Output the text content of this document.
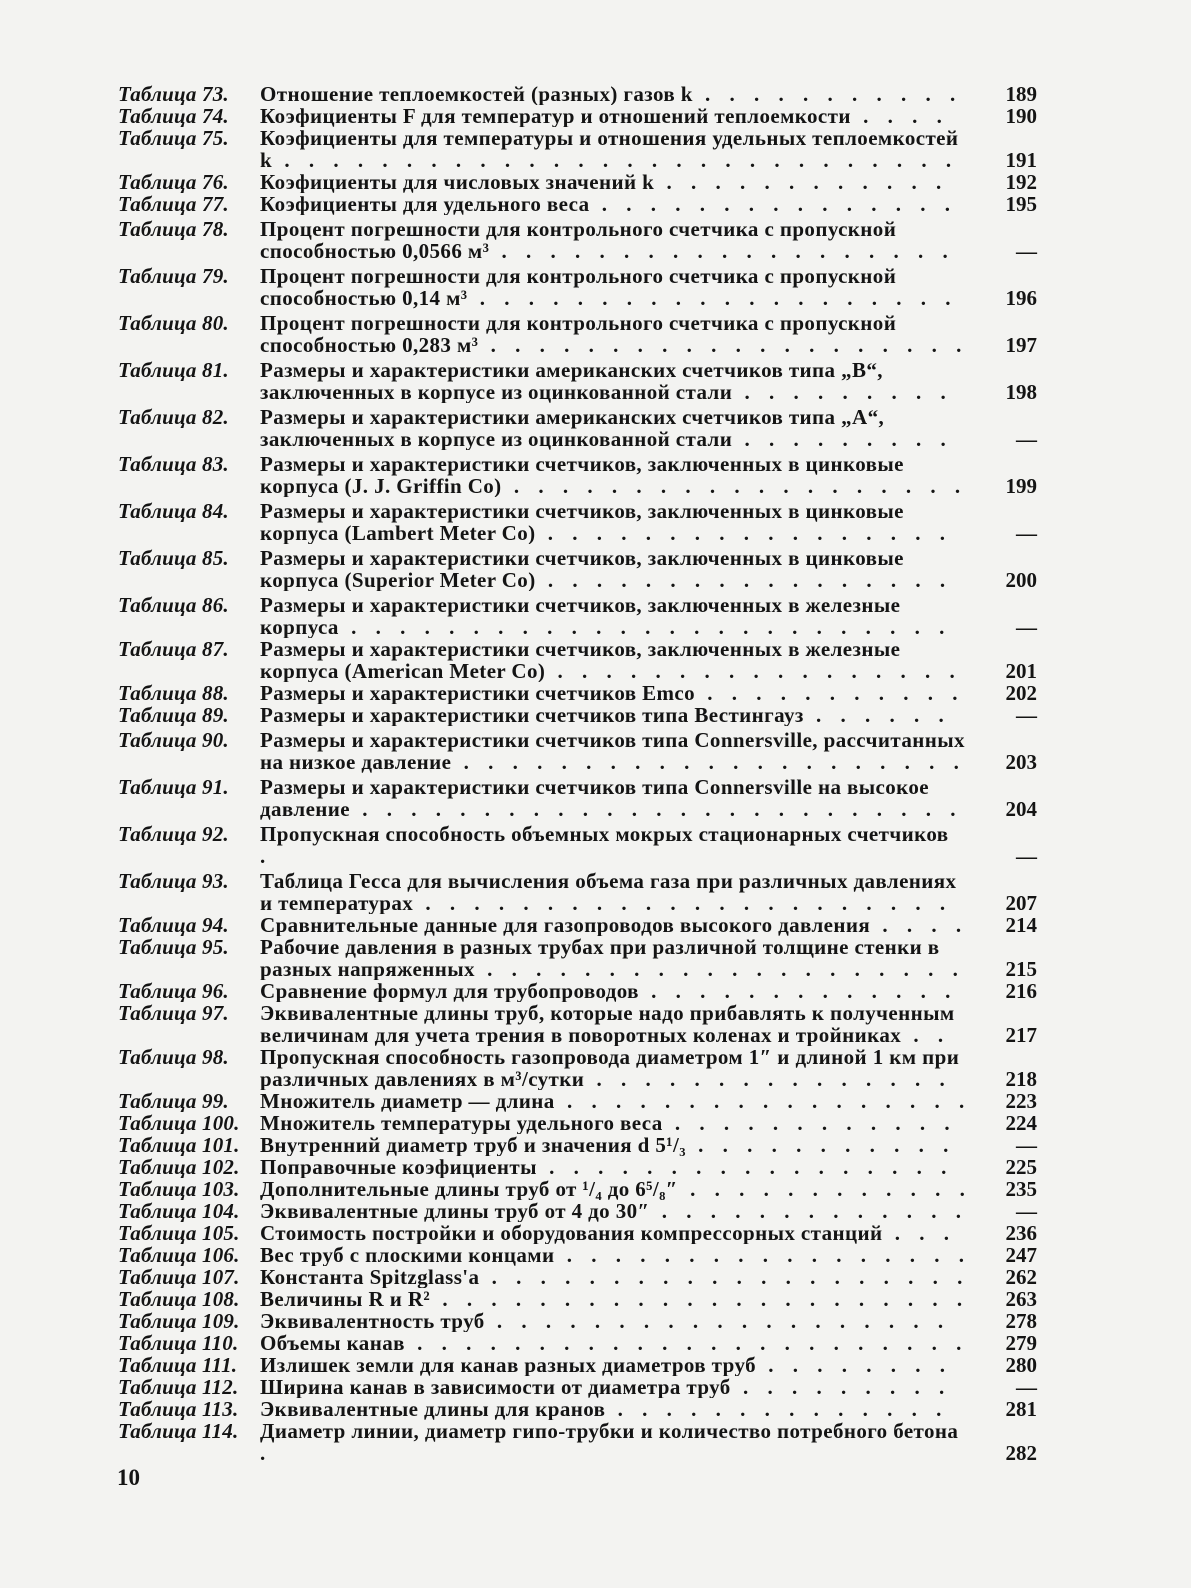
Таблица 73.	Отношение теплоемкостей (разных) газов k . . . . . . . . . . .	189
Таблица 74.	Коэфициенты F для температур и отношений теплоемкости . . . .	190
Таблица 75.	Коэфициенты для температуры и отношения удельных теплоемкостей k . . . . . . . . . . . . . . . . . . . . . . . . . . . .	191
Таблица 76.	Коэфициенты для числовых значений k . . . . . . . . . . . .	192
Таблица 77.	Коэфициенты для удельного веса . . . . . . . . . . . . . . .	195
Таблица 78.	Процент погрешности для контрольного счетчика с пропускной способностью 0,0566 м³ . . . . . . . . . . . . . . . . . . .	—
Таблица 79.	Процент погрешности для контрольного счетчика с пропускной способностью 0,14 м³ . . . . . . . . . . . . . . . . . . . .	196
Таблица 80.	Процент погрешности для контрольного счетчика с пропускной способностью 0,283 м³ . . . . . . . . . . . . . . . . . . . .	197
Таблица 81.	Размеры и характеристики американских счетчиков типа „B“, заключенных в корпусе из оцинкованной стали . . . . . . . . .	198
Таблица 82.	Размеры и характеристики американских счетчиков типа „A“, заключенных в корпусе из оцинкованной стали . . . . . . . . .	—
Таблица 83.	Размеры и характеристики счетчиков, заключенных в цинковые корпуса (J. J. Griffin Co) . . . . . . . . . . . . . . . . . . .	199
Таблица 84.	Размеры и характеристики счетчиков, заключенных в цинковые корпуса (Lambert Meter Co) . . . . . . . . . . . . . . . . .	—
Таблица 85.	Размеры и характеристики счетчиков, заключенных в цинковые корпуса (Superior Meter Co) . . . . . . . . . . . . . . . . .	200
Таблица 86.	Размеры и характеристики счетчиков, заключенных в железные корпуса . . . . . . . . . . . . . . . . . . . . . . . . .	—
Таблица 87.	Размеры и характеристики счетчиков, заключенных в железные корпуса (American Meter Co) . . . . . . . . . . . . . . . . .	201
Таблица 88.	Размеры и характеристики счетчиков Emco . . . . . . . . . . .	202
Таблица 89.	Размеры и характеристики счетчиков типа Вестингауз . . . . . .	—
Таблица 90.	Размеры и характеристики счетчиков типа Connersville, рассчитанных на низкое давление . . . . . . . . . . . . . . . . . . . . .	203
Таблица 91.	Размеры и характеристики счетчиков типа Connersville на высокое давление . . . . . . . . . . . . . . . . . . . . . . . . .	204
Таблица 92.	Пропускная способность объемных мокрых стационарных счетчиков .	—
Таблица 93.	Таблица Гесса для вычисления объема газа при различных давлениях и температурах . . . . . . . . . . . . . . . . . . . . . .	207
Таблица 94.	Сравнительные данные для газопроводов высокого давления . . . .	214
Таблица 95.	Рабочие давления в разных трубах при различной толщине стенки в разных напряженных . . . . . . . . . . . . . . . . . . . .	215
Таблица 96.	Сравнение формул для трубопроводов . . . . . . . . . . . . .	216
Таблица 97.	Эквивалентные длины труб, которые надо прибавлять к полученным величинам для учета трения в поворотных коленах и тройниках . .	217
Таблица 98.	Пропускная способность газопровода диаметром 1″ и длиной 1 км при различных давлениях в м³/сутки . . . . . . . . . . . . . . .	218
Таблица 99.	Множитель диаметр — длина . . . . . . . . . . . . . . . . .	223
Таблица 100. Множитель температуры удельного веса . . . . . . . . . . . .	224
Таблица 101. Внутренний диаметр труб и значения d 5¹/₃ . . . . . . . . . . .	—
Таблица 102. Поправочные коэфициенты . . . . . . . . . . . . . . . . .	225
Таблица 103. Дополнительные длины труб от ¹/₄ до 6⁵/₈″ . . . . . . . . . . . .	235
Таблица 104. Эквивалентные длины труб от 4 до 30″ . . . . . . . . . . . . .	—
Таблица 105. Стоимость постройки и оборудования компрессорных станций . . .	236
Таблица 106. Вес труб с плоскими концами . . . . . . . . . . . . . . . . .	247
Таблица 107. Константа Spitzglass'a . . . . . . . . . . . . . . . . . . . .	262
Таблица 108. Величины R и R² . . . . . . . . . . . . . . . . . . . . . .	263
Таблица 109. Эквивалентность труб . . . . . . . . . . . . . . . . . . .	278
Таблица 110.	Объемы канав . . . . . . . . . . . . . . . . . . . . . . .	279
Таблица 111.	Излишек земли для канав разных диаметров труб . . . . . . . .	280
Таблица 112.	Ширина канав в зависимости от диаметра труб . . . . . . . . .	—
Таблица 113.	Эквивалентные длины для кранов . . . . . . . . . . . . . .	281
Таблица 114.	Диаметр линии, диаметр гипо-трубки и количество потребного бетона .	282
10
